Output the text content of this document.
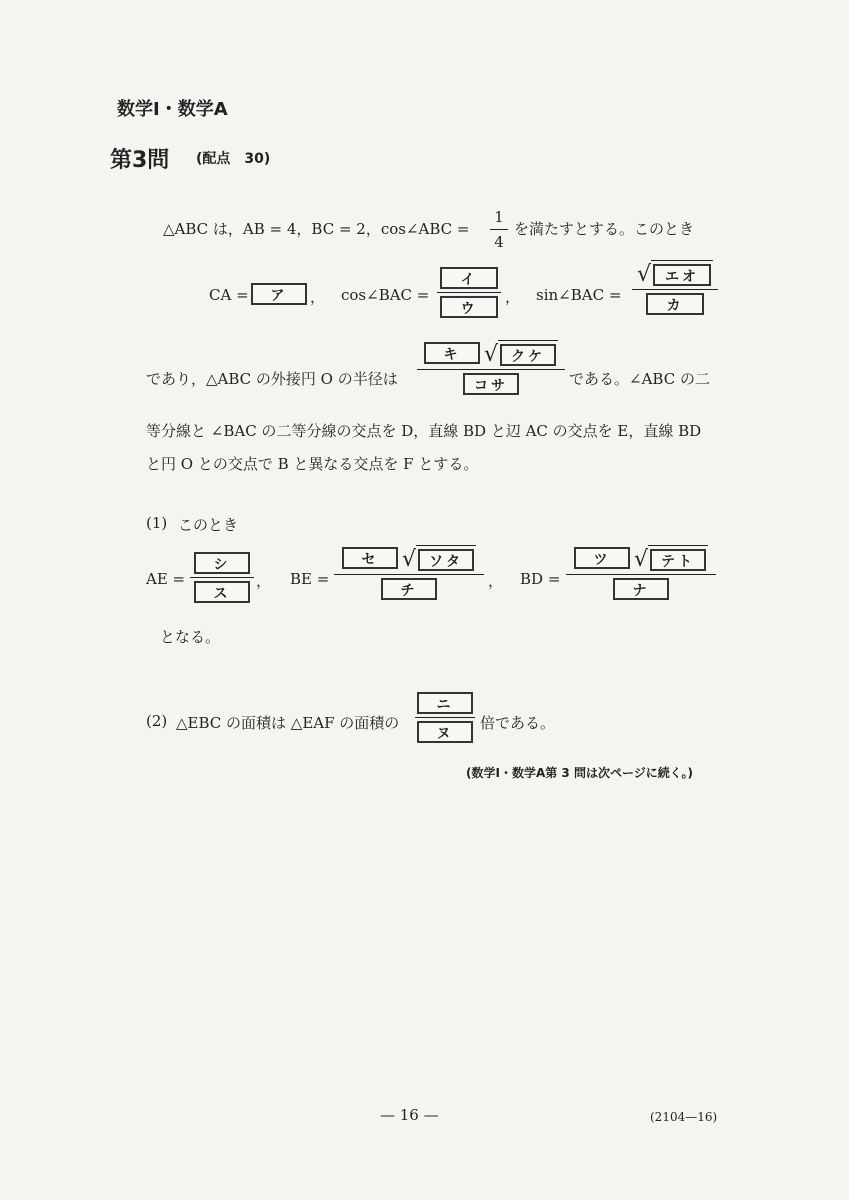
数学Ⅰ・数学A
第3問 (配点　30)
△ABC は，AB = 4，BC = 2，cos∠ABC =
1
4
を満たすとする。このとき
CA =	ア	， cos∠BAC =
イ
ウ
， sin∠BAC =
√	エオ
カ
であり，△ABC の外接円 O の半径は
キ	√ クケ
コサ	である。∠ABC の二
等分線と ∠BAC の二等分線の交点を D，直線 BD と辺 AC の交点を E，直線 BD
と円 O との交点で B と異なる交点を F とする。
(1) このとき
AE =
シ
ス
， BE =
セ	√ ソタ
チ
， BD =
ツ	√ テト
ナ
となる。
(2) △EBC の面積は △EAF の面積の
ニ
ヌ
倍である。
(数学Ⅰ・数学A第 3 問は次ページに続く。)
— 16 —	(2104—16)
